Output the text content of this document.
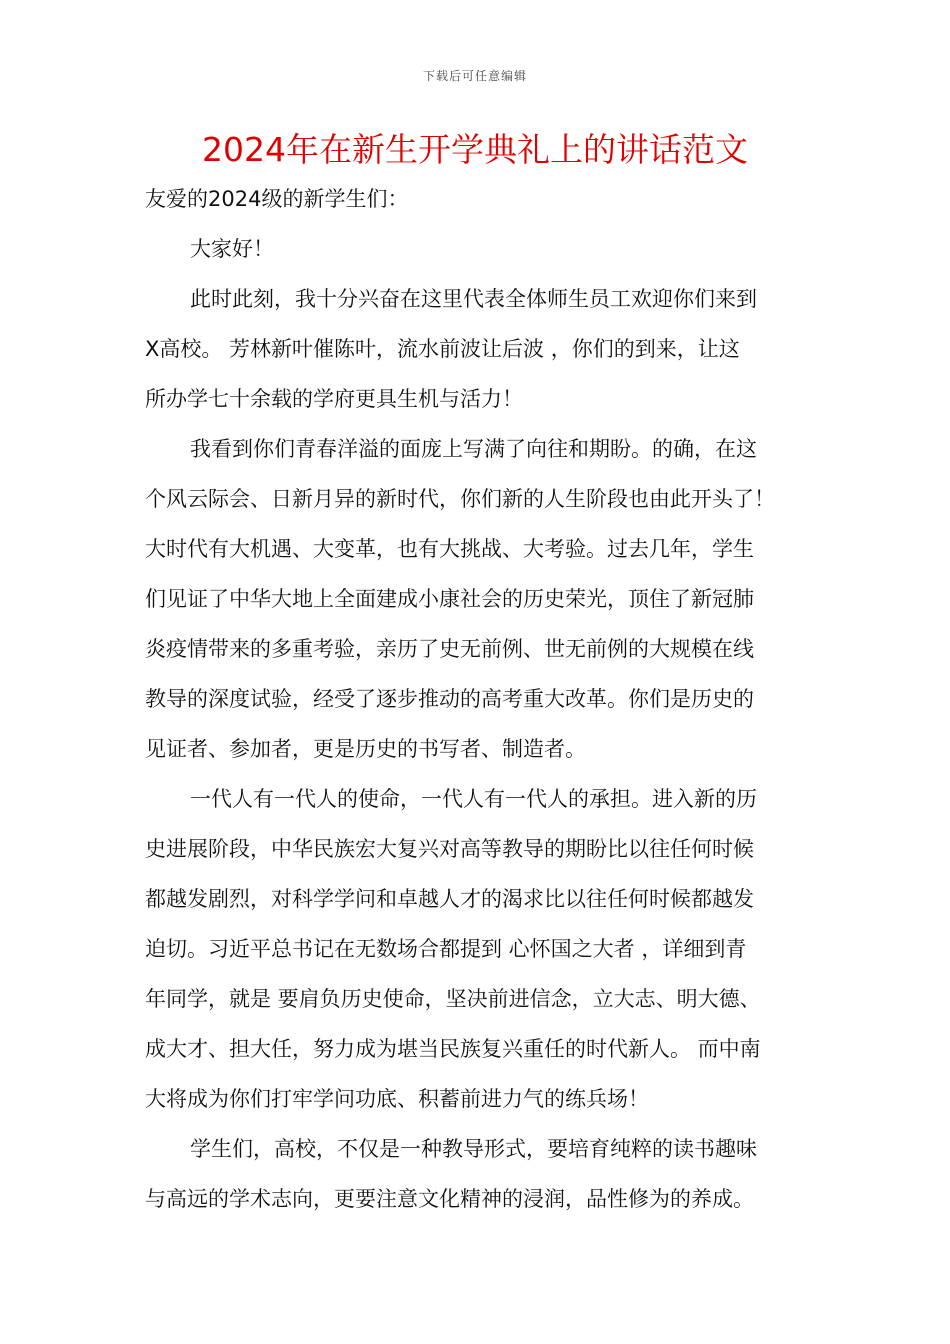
下载后可任意编辑
2024年在新生开学典礼上的讲话范文
友爱的2024级的新学生们：
大家好！
此时此刻，我十分兴奋在这里代表全体师生员工欢迎你们来到
X高校。 芳林新叶催陈叶，流水前波让后波 ，你们的到来，让这
所办学七十余载的学府更具生机与活力！
我看到你们青春洋溢的面庞上写满了向往和期盼。的确，在这
个风云际会、日新月异的新时代，你们新的人生阶段也由此开头了！
大时代有大机遇、大变革，也有大挑战、大考验。过去几年，学生
们见证了中华大地上全面建成小康社会的历史荣光，顶住了新冠肺
炎疫情带来的多重考验，亲历了史无前例、世无前例的大规模在线
教导的深度试验，经受了逐步推动的高考重大改革。你们是历史的
见证者、参加者，更是历史的书写者、制造者。
一代人有一代人的使命，一代人有一代人的承担。进入新的历
史进展阶段，中华民族宏大复兴对高等教导的期盼比以往任何时候
都越发剧烈，对科学学问和卓越人才的渴求比以往任何时候都越发
迫切。习近平总书记在无数场合都提到 心怀国之大者 ，详细到青
年同学，就是 要肩负历史使命，坚决前进信念，立大志、明大德、
成大才、担大任，努力成为堪当民族复兴重任的时代新人。 而中南
大将成为你们打牢学问功底、积蓄前进力气的练兵场！
学生们，高校，不仅是一种教导形式，要培育纯粹的读书趣味
与高远的学术志向，更要注意文化精神的浸润，品性修为的养成。
